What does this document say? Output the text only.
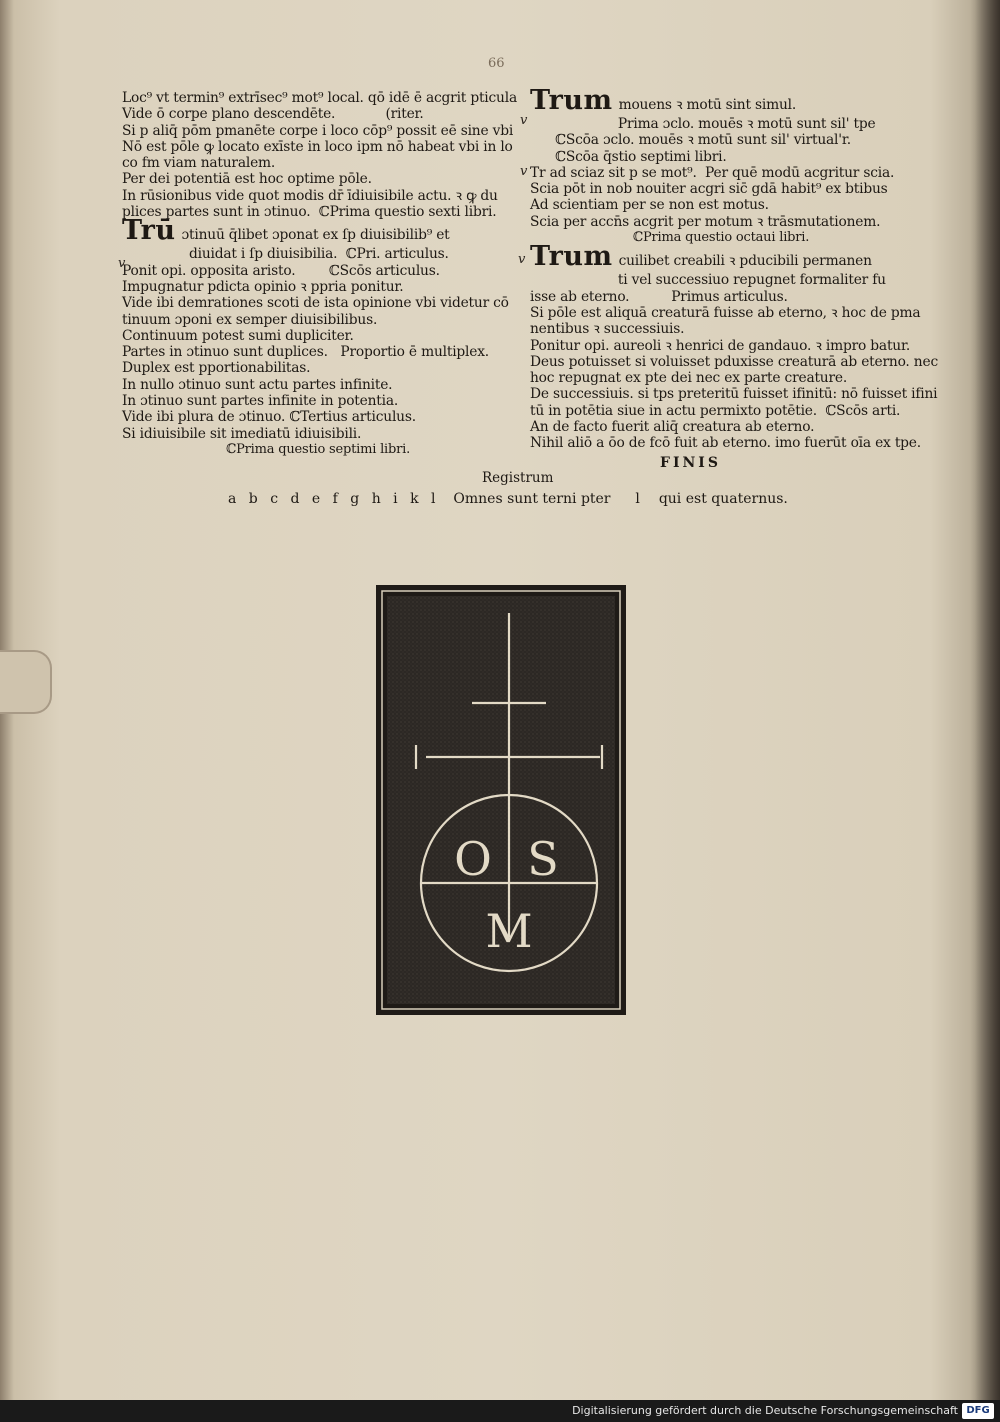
66
Loc⁹ vt termin⁹ extrīsec⁹ mot⁹ local. qō idē ē acgrit pticula
Vide ō corpe plano descendēte.            (riter.
Si p aliq̄ pōm pmanēte corpe i loco cōp⁹ possit eē sine vbi
Nō est pōle ꝙ locato exīste in loco ipm nō habeat vbi in lo
co fm viam naturalem.
Per dei potentiā est hoc optime pōle.
In rūsionibus vide quot modis dr̄ īdiuisibile actu. ꝛ ꝙ du
plices partes sunt in ɔtinuo.  ℂPrima questio sexti libri.
Trū ɔtinuū q̄libet ɔponat ex ſp diuisibilib⁹ et
diuidat i ſp diuisibilia.  ℂPri. articulus.
Ponit opi. opposita aristo.        ℂScōs articulus.
Impugnatur pdicta opinio ꝛ ppria ponitur.
Vide ibi demrationes scoti de ista opinione vbi videtur cō
tinuum ɔponi ex semper diuisibilibus.
Continuum potest sumi dupliciter.
Partes in ɔtinuo sunt duplices.   Proportio ē multiplex.
Duplex est pportionabilitas.
In nullo ɔtinuo sunt actu partes infinite.
In ɔtinuo sunt partes infinite in potentia.
Vide ibi plura de ɔtinuo. ℂTertius articulus.
Si idiuisibile sit imediatū idiuisibili.
ℂPrima questio septimi libri.
Trum mouens ꝛ motū sint simul.
Prima ɔclo. mouēs ꝛ motū sunt sil' tpe
ℂScōa ɔclo. mouēs ꝛ motū sunt sil' virtual'r.
ℂScōa q̄stio septimi libri.
Tr ad sciaz sit p se mot⁹.  Per quē modū acgritur scia.
Scia pōt in nob nouiter acgri sic̄ gdā habit⁹ ex btibus
Ad scientiam per se non est motus.
Scia per accn̄s acgrit per motum ꝛ trāsmutationem.
ℂPrima questio octaui libri.
Trum cuilibet creabili ꝛ pducibili permanen
ti vel successiuo repugnet formaliter fu
isse ab eterno.          Primus articulus.
Si pōle est aliquā creaturā fuisse ab eterno, ꝛ hoc de pma
nentibus ꝛ successiuis.
Ponitur opi. aureoli ꝛ henrici de gandauo. ꝛ impro batur.
Deus potuisset si voluisset pduxisse creaturā ab eterno. nec
hoc repugnat ex pte dei nec ex parte creature.
De successiuis. si tps preteritū fuisset ifinitū: nō fuisset ifini
tū in potētia siue in actu permixto potētie.  ℂScōs arti.
An de facto fuerit aliq̄ creatura ab eterno.
Nihil aliō a ōo de fcō fuit ab eterno. imo fuerūt oīa ex tpe.
v
v
v	v
FINIS
Registrum
a b c d e f g h i k l Omnes sunt terni pter l qui est quaternus.
O S
M
Digitalisierung gefördert durch die Deutsche Forschungsgemeinschaft DFG
